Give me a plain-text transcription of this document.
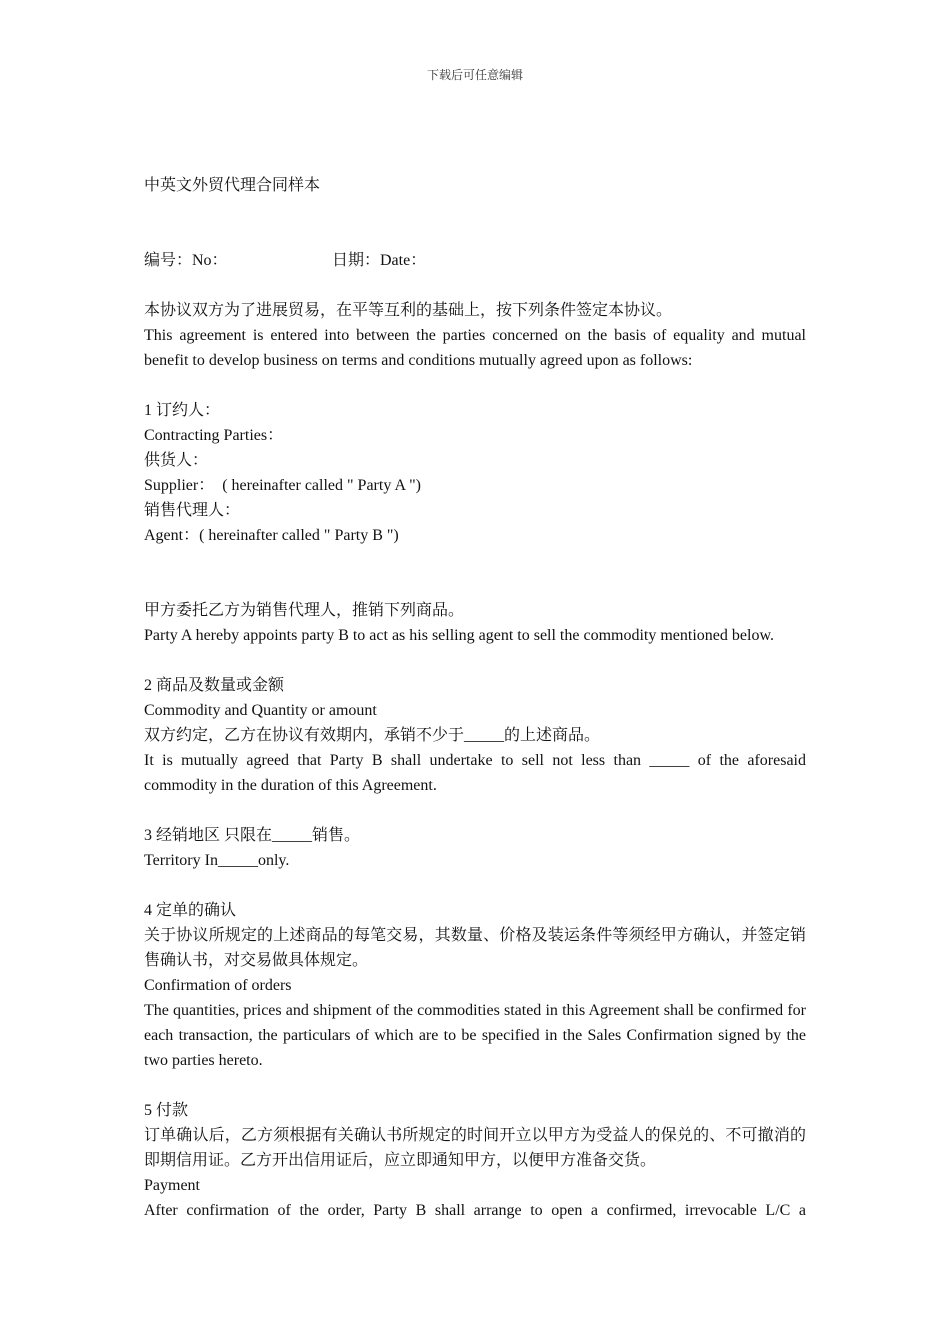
下载后可任意编辑
中英文外贸代理合同样本
编号：No：	日期：Date：
本协议双方为了进展贸易，在平等互利的基础上，按下列条件签定本协议。
This agreement is entered into between the parties concerned on the basis of equality and mutual benefit to develop business on terms and conditions mutually agreed upon as follows:
1 订约人：
Contracting Parties：
供货人：
Supplier：  ( hereinafter called " Party A ")
销售代理人：
Agent：( hereinafter called " Party B ")
甲方委托乙方为销售代理人，推销下列商品。
Party A hereby appoints party B to act as his selling agent to sell the commodity mentioned below.
2 商品及数量或金额
Commodity and Quantity or amount
双方约定，乙方在协议有效期内，承销不少于_____的上述商品。
It is mutually agreed that Party B shall undertake to sell not less than _____ of the aforesaid commodity in the duration of this Agreement.
3 经销地区 只限在_____销售。
Territory In_____only.
4 定单的确认
关于协议所规定的上述商品的每笔交易，其数量、价格及装运条件等须经甲方确认，并签定销售确认书，对交易做具体规定。
Confirmation of orders
The quantities, prices and shipment of the commodities stated in this Agreement shall be confirmed for each transaction, the particulars of which are to be specified in the Sales Confirmation signed by the two parties hereto.
5 付款
订单确认后，乙方须根据有关确认书所规定的时间开立以甲方为受益人的保兑的、不可撤消的即期信用证。乙方开出信用证后，应立即通知甲方，以便甲方准备交货。
Payment
After confirmation of the order, Party B shall arrange to open a confirmed, irrevocable L/C a
